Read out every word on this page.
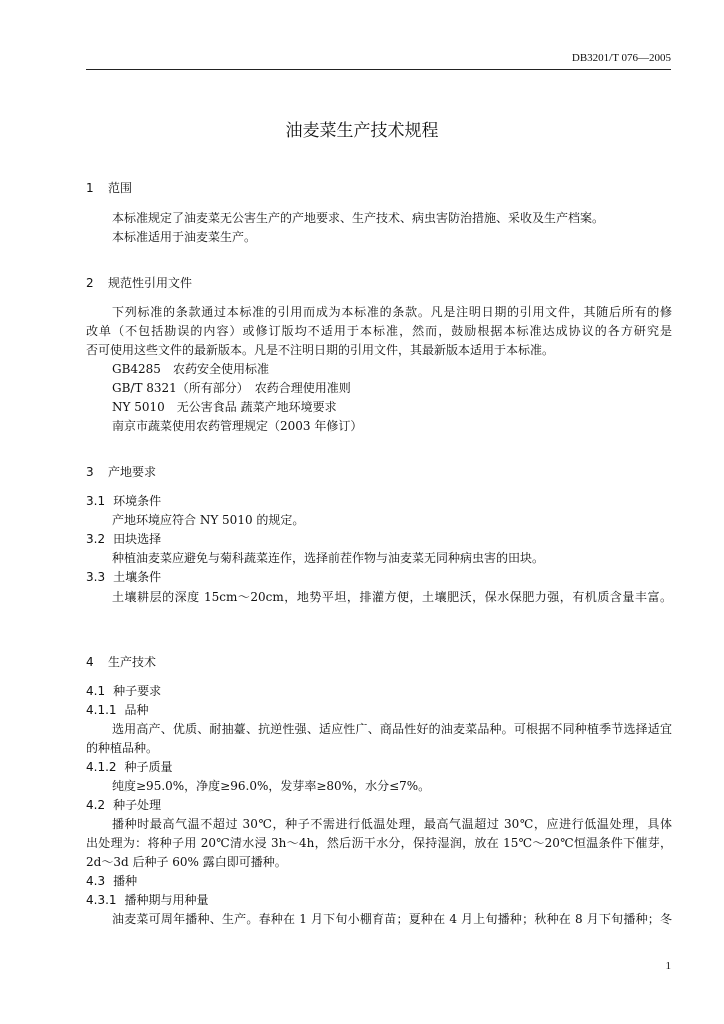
DB3201/T 076—2005
油麦菜生产技术规程
1 范围
本标准规定了油麦菜无公害生产的产地要求、生产技术、病虫害防治措施、采收及生产档案。
本标准适用于油麦菜生产。
2 规范性引用文件
下列标准的条款通过本标准的引用而成为本标准的条款。凡是注明日期的引用文件，其随后所有的修
改单（不包括勘误的内容）或修订版均不适用于本标准，然而，鼓励根据本标准达成协议的各方研究是
否可使用这些文件的最新版本。凡是不注明日期的引用文件，其最新版本适用于本标准。
GB4285　农药安全使用标准
GB/T 8321（所有部分）　农药合理使用准则
NY 5010　无公害食品 蔬菜产地环境要求
南京市蔬菜使用农药管理规定（2003 年修订）
3 产地要求
3.1 环境条件
产地环境应符合 NY 5010 的规定。
3.2 田块选择
种植油麦菜应避免与菊科蔬菜连作，选择前茬作物与油麦菜无同种病虫害的田块。
3.3 土壤条件
土壤耕层的深度 15cm～20cm，地势平坦，排灌方便，土壤肥沃，保水保肥力强，有机质含量丰富。
4 生产技术
4.1 种子要求
4.1.1 品种
选用高产、优质、耐抽薹、抗逆性强、适应性广、商品性好的油麦菜品种。可根据不同种植季节选择适宜
的种植品种。
4.1.2 种子质量
纯度≥95.0%，净度≥96.0%，发芽率≥80%，水分≤7%。
4.2 种子处理
播种时最高气温不超过 30℃，种子不需进行低温处理，最高气温超过 30℃，应进行低温处理，具体
出处理为：将种子用 20℃清水浸 3h～4h，然后沥干水分，保持湿润，放在 15℃～20℃恒温条件下催芽，
2d～3d 后种子 60% 露白即可播种。
4.3 播种
4.3.1 播种期与用种量
油麦菜可周年播种、生产。春种在 1 月下旬小棚育苗；夏种在 4 月上旬播种；秋种在 8 月下旬播种；冬
1
